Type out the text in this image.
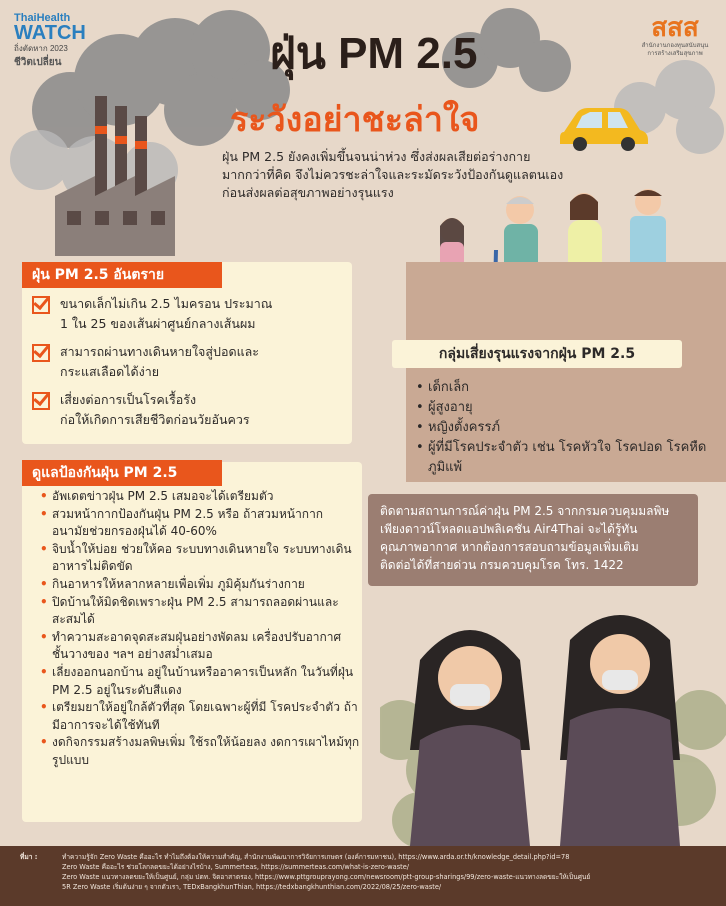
ThaiHealth
WATCH
ถิ่งตัดหาก 2023
ชีวิตเปลี่ยน
สสส
สำนักงานกองทุนสนับสนุน
การสร้างเสริมสุขภาพ
ฝุ่น PM 2.5
ระวังอย่าชะล่าใจ
ฝุ่น PM 2.5 ยังคงเพิ่มขึ้นจนน่าห่วง ซึ่งส่งผลเสียต่อร่างกาย
มากกว่าที่คิด จึงไม่ควรชะล่าใจและระมัดระวังป้องกันดูแลตนเอง
ก่อนส่งผลต่อสุขภาพอย่างรุนแรง
ฝุ่น PM 2.5 อันตราย
ขนาดเล็กไม่เกิน 2.5 ไมครอน ประมาณ
1 ใน 25 ของเส้นผ่าศูนย์กลางเส้นผม
สามารถผ่านทางเดินหายใจสู่ปอดและ
กระแสเลือดได้ง่าย
เสี่ยงต่อการเป็นโรคเรื้อรัง
ก่อให้เกิดการเสียชีวิตก่อนวัยอันควร
กลุ่มเสี่ยงรุนแรงจากฝุ่น PM 2.5
• เด็กเล็ก
• ผู้สูงอายุ
• หญิงตั้งครรภ์
• ผู้ที่มีโรคประจำตัว เช่น โรคหัวใจ โรคปอด โรคหืด ภูมิแพ้
ติดตามสถานการณ์ค่าฝุ่น PM 2.5 จากกรมควบคุมมลพิษ
เพียงดาวน์โหลดแอปพลิเคชัน Air4Thai จะได้รู้ทัน
คุณภาพอากาศ หากต้องการสอบถามข้อมูลเพิ่มเติม
ติดต่อได้ที่สายด่วน กรมควบคุมโรค โทร. 1422
ดูแลป้องกันฝุ่น PM 2.5
• อัพเดตข่าวฝุ่น PM 2.5 เสมอจะได้เตรียมตัว
• สวมหน้ากากป้องกันฝุ่น PM 2.5 หรือ ถ้าสวมหน้ากากอนามัยช่วยกรองฝุ่นได้ 40-60%
• จิบน้ำให้บ่อย ช่วยให้คอ ระบบทางเดินหายใจ ระบบทางเดินอาหารไม่ติดขัด
• กินอาหารให้หลากหลายเพื่อเพิ่ม ภูมิคุ้มกันร่างกาย
• ปิดบ้านให้มิดชิดเพราะฝุ่น PM 2.5 สามารถลอดผ่านและสะสมได้
• ทำความสะอาดจุดสะสมฝุ่นอย่างพัดลม เครื่องปรับอากาศ ชั้นวางของ ฯลฯ อย่างสม่ำเสมอ
• เลี่ยงออกนอกบ้าน อยู่ในบ้านหรืออาคารเป็นหลัก ในวันที่ฝุ่น PM 2.5 อยู่ในระดับสีแดง
• เตรียมยาให้อยู่ใกล้ตัวที่สุด โดยเฉพาะผู้ที่มี โรคประจำตัว ถ้ามีอาการจะได้ใช้ทันที
• งดกิจกรรมสร้างมลพิษเพิ่ม ใช้รถให้น้อยลง งดการเผาไหม้ทุกรูปแบบ
ที่มา :	ทำความรู้จัก Zero Waste คืออะไร ทำไมถึงต้องให้ความสำคัญ, สำนักงานพัฒนาการวิจัยการเกษตร (องค์การมหาชน), https://www.arda.or.th/knowledge_detail.php?id=78
Zero Waste คืออะไร ช่วยโลกลดขยะได้อย่างไรบ้าง, Summerteas, https://summerteas.com/what-is-zero-waste/
Zero Waste แนวทางลดขยะให้เป็นศูนย์, กลุ่ม ปตท. จิตอาสาตรอง, https://www.pttgrouprayong.com/newsroom/ptt-group-sharings/99/zero-waste-แนวทางลดขยะให้เป็นศูนย์
5R Zero Waste เริ่มต้นง่าย ๆ จากตัวเรา, TEDxBangkhunThian, https://tedxbangkhunthian.com/2022/08/25/zero-waste/
